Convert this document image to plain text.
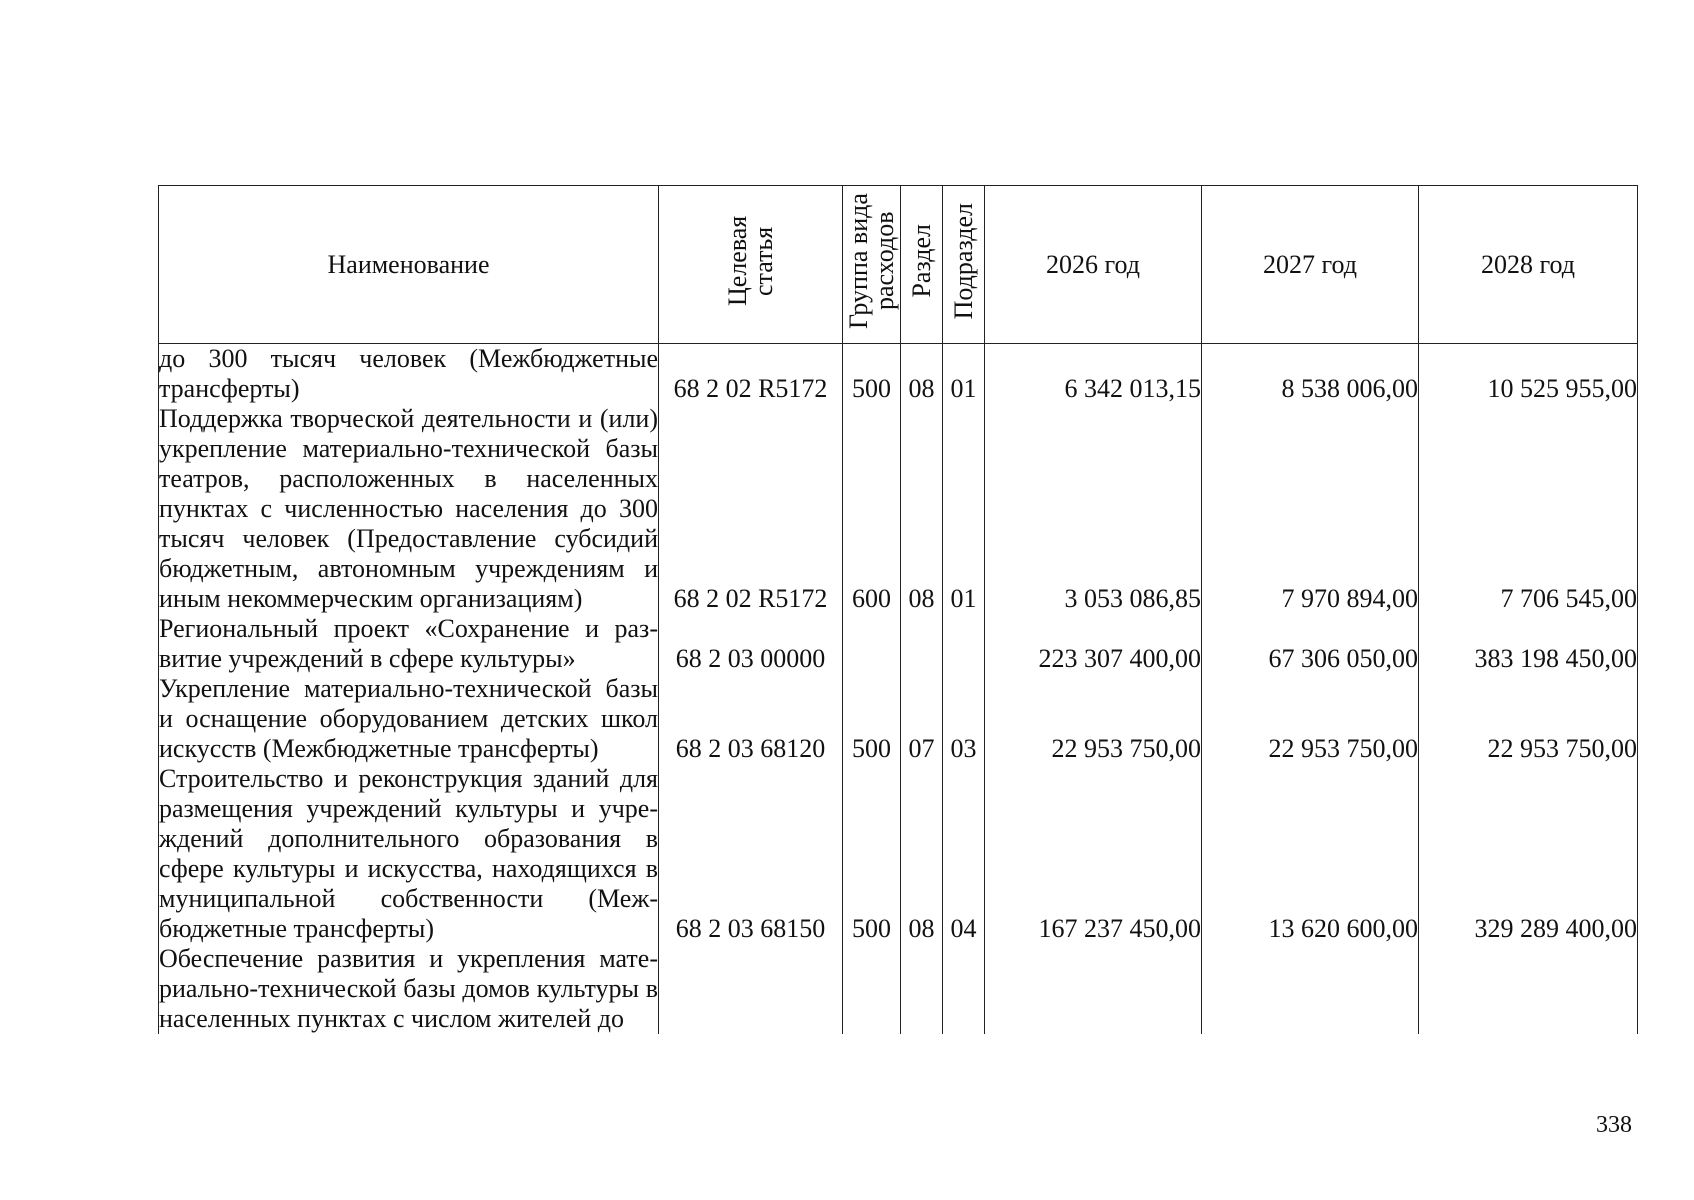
Наименование	Целевая статья	Группа вида расходов	Раздел	Подраздел	2026 год	2027 год	2028 год
до 300 тысяч человек (Межбюджетные трансферты)	68 2 02 R5172	500	08	01	6 342 013,15	8 538 006,00	10 525 955,00
Поддержка творческой деятельности и (или) укрепление материально-технической базы театров, расположенных в населенных пунктах с численностью населения до 300 тысяч человек (Предоставление субсидий бюджетным, автономным учреждениям и иным некоммерческим организациям)	68 2 02 R5172	600	08	01	3 053 086,85	7 970 894,00	7 706 545,00
Региональный проект «Сохранение и развитие учреждений в сфере культуры»	68 2 03 00000				223 307 400,00	67 306 050,00	383 198 450,00
Укрепление материально-технической базы и оснащение оборудованием детских школ искусств (Межбюджетные трансферты)	68 2 03 68120	500	07	03	22 953 750,00	22 953 750,00	22 953 750,00
Строительство и реконструкция зданий для размещения учреждений культуры и учреждений дополнительного образования в сфере культуры и искусства, находящихся в муниципальной собственности (Межбюджетные трансферты)	68 2 03 68150	500	08	04	167 237 450,00	13 620 600,00	329 289 400,00
Обеспечение развития и укрепления материально-технической базы домов культуры в населенных пунктах с числом жителей до							
338
